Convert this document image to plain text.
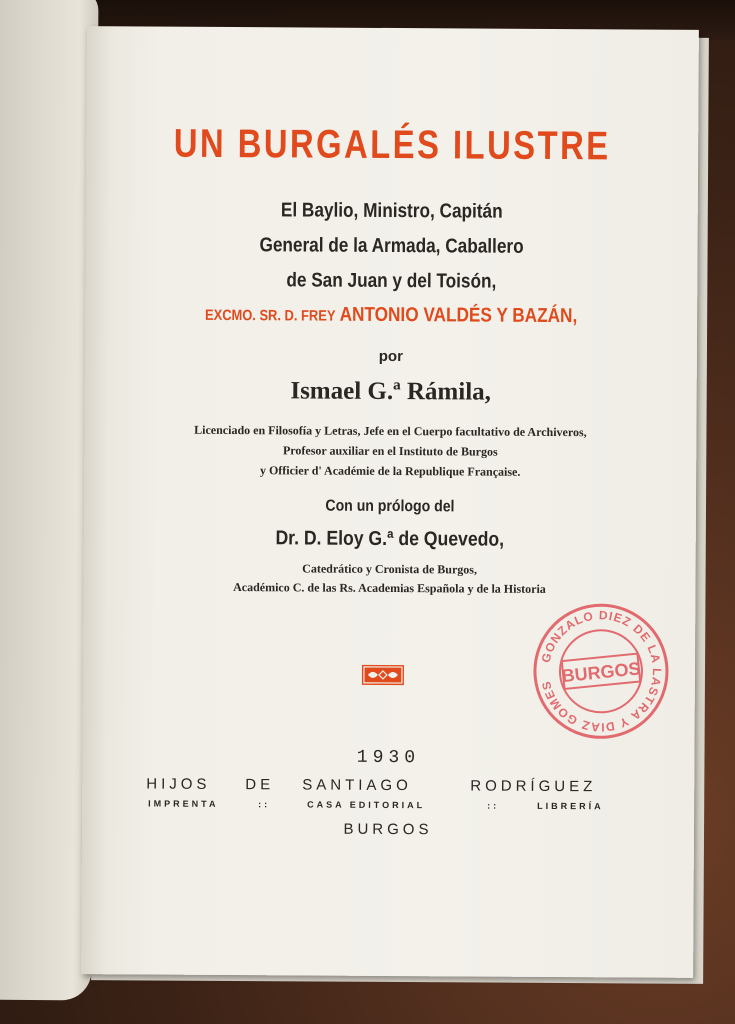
UN BURGALÉS ILUSTRE
El Baylio, Ministro, Capitán
General de la Armada, Caballero
de San Juan y del Toisón,
EXCMO. SR. D. FREY ANTONIO VALDÉS Y BAZÁN,
por
Ismael G.ª Rámila,
Licenciado en Filosofía y Letras, Jefe en el Cuerpo facultativo de Archiveros,
Profesor auxiliar en el Instituto de Burgos
y Officier d' Académie de la Republique Française.
Con un prólogo del
Dr. D. Eloy G.ª de Quevedo,
Catedrático y Cronista de Burgos,
Académico C. de las Rs. Academias Española y de la Historia
GONZALO DIEZ DE LA LASTRA Y DIAZ GOMES BURGOS
1930
HIJOS DE SANTIAGO	RODRÍGUEZ
IMPRENTA	::	CASA EDITORIAL	::	LIBRERÍA
BURGOS
